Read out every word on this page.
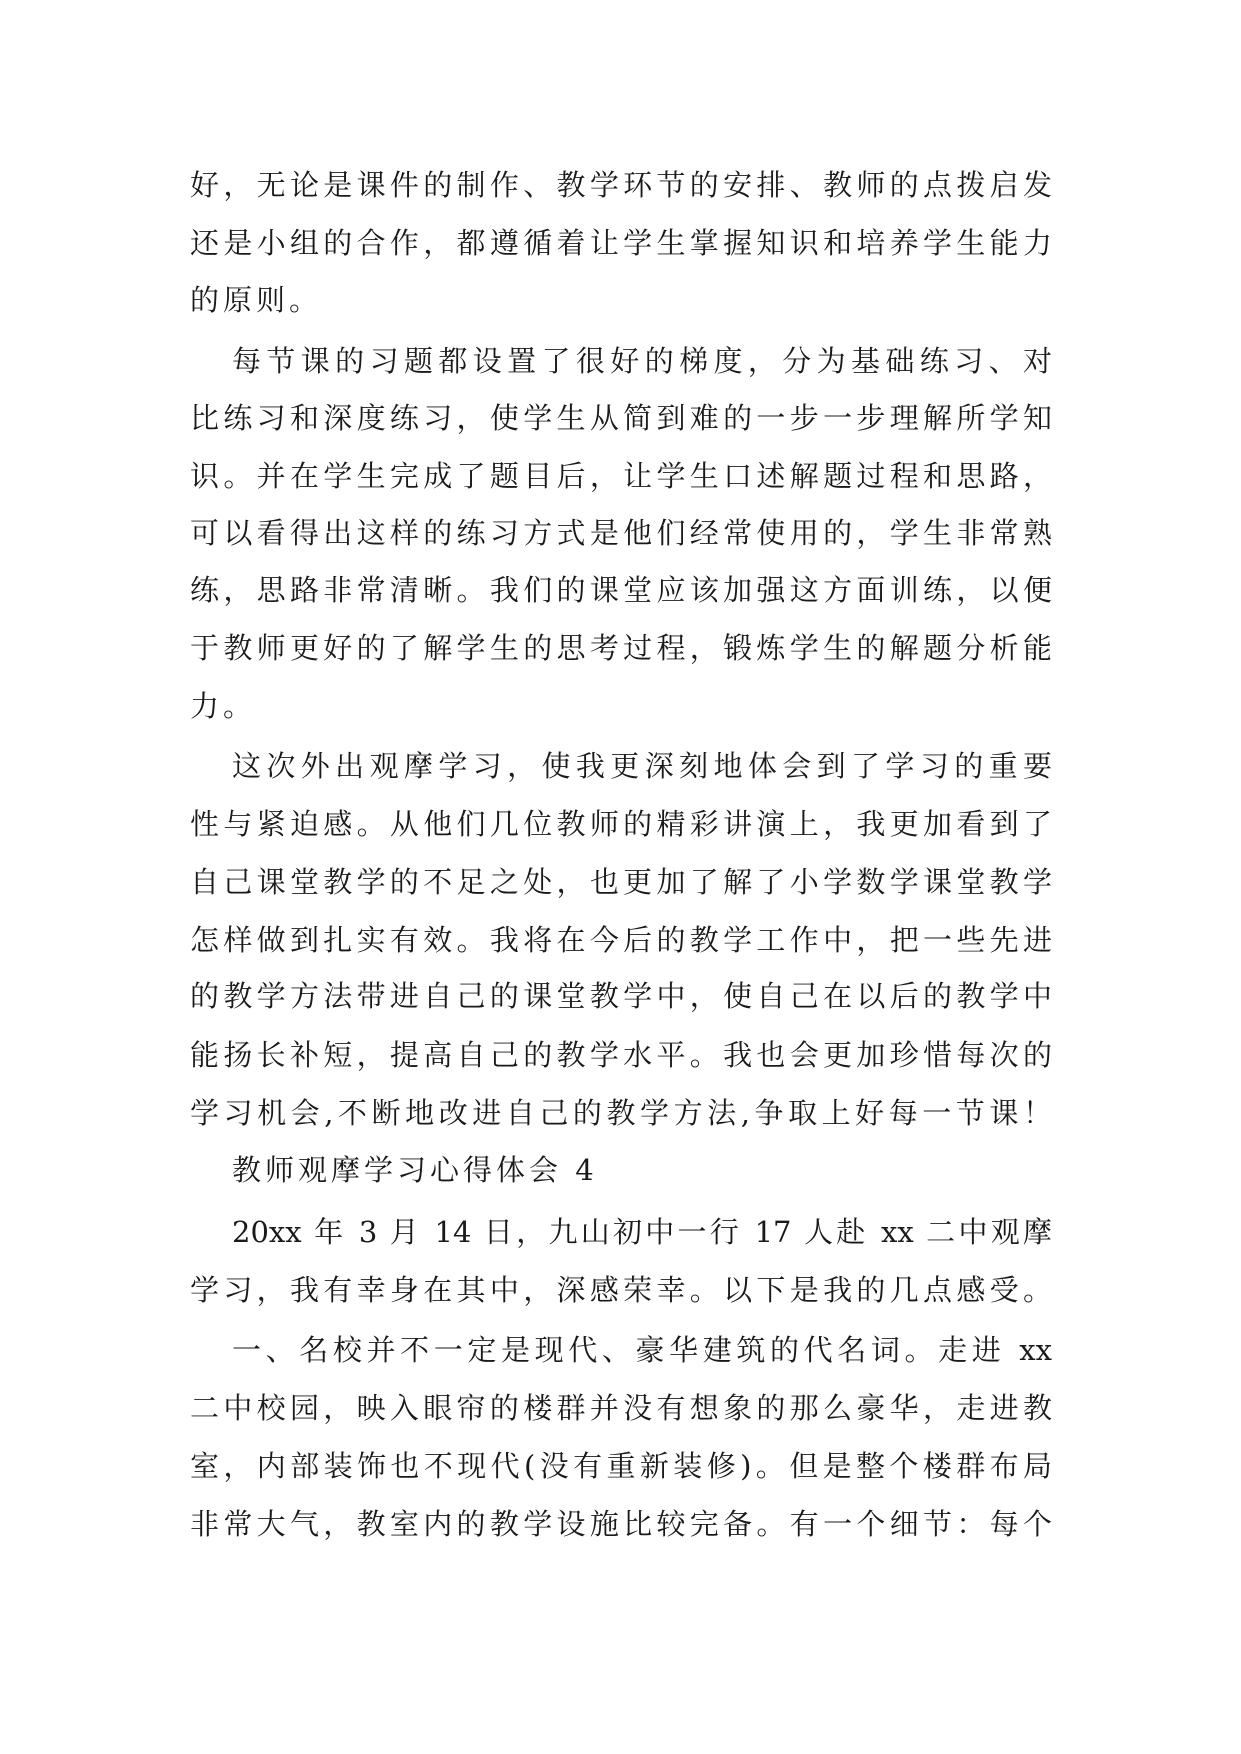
好，无论是课件的制作、教学环节的安排、教师的点拨启发
还是小组的合作，都遵循着让学生掌握知识和培养学生能力
的原则。
每节课的习题都设置了很好的梯度，分为基础练习、对
比练习和深度练习，使学生从简到难的一步一步理解所学知
识。并在学生完成了题目后，让学生口述解题过程和思路，
可以看得出这样的练习方式是他们经常使用的，学生非常熟
练，思路非常清晰。我们的课堂应该加强这方面训练，以便
于教师更好的了解学生的思考过程，锻炼学生的解题分析能
力。
这次外出观摩学习，使我更深刻地体会到了学习的重要
性与紧迫感。从他们几位教师的精彩讲演上，我更加看到了
自己课堂教学的不足之处，也更加了解了小学数学课堂教学
怎样做到扎实有效。我将在今后的教学工作中，把一些先进
的教学方法带进自己的课堂教学中，使自己在以后的教学中
能扬长补短，提高自己的教学水平。我也会更加珍惜每次的
学习机会,不断地改进自己的教学方法,争取上好每一节课！
教师观摩学习心得体会 4
20xx 年 3 月 14 日，九山初中一行 17 人赴 xx 二中观摩
学习，我有幸身在其中，深感荣幸。以下是我的几点感受。
一、名校并不一定是现代、豪华建筑的代名词。走进 xx
二中校园，映入眼帘的楼群并没有想象的那么豪华，走进教
室，内部装饰也不现代(没有重新装修)。但是整个楼群布局
非常大气，教室内的教学设施比较完备。有一个细节：每个
